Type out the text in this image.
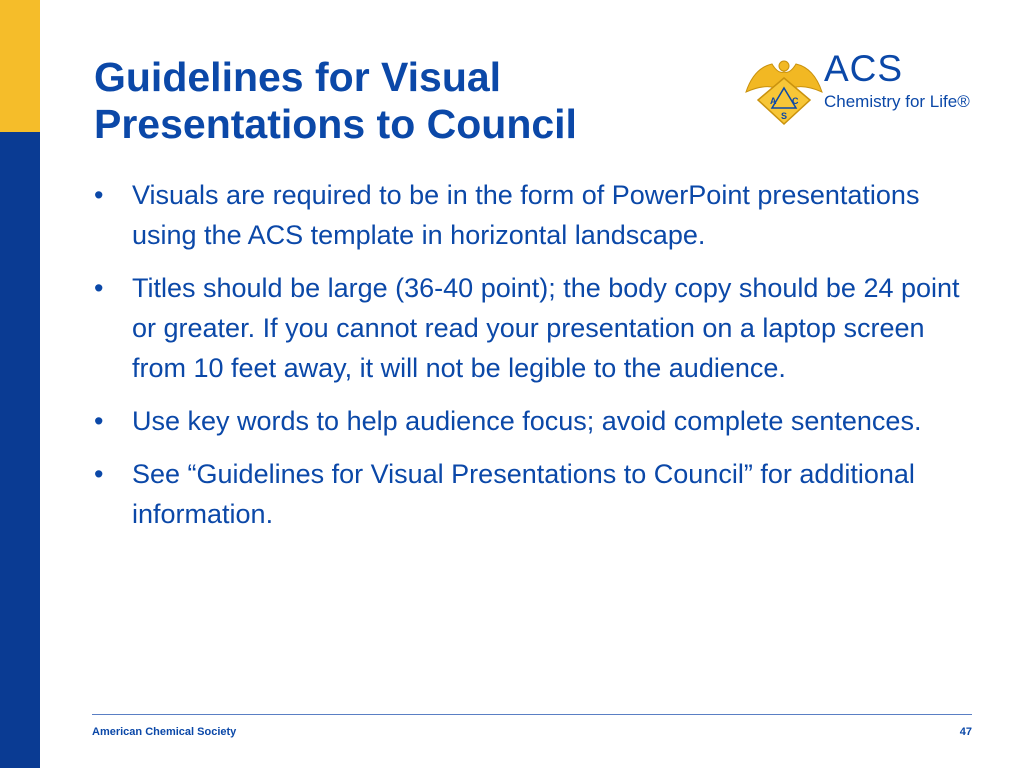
Guidelines for Visual
Presentations to Council	A C
S
ACS
Chemistry for Life®
• Visuals are required to be in the form of PowerPoint presentations using the ACS template in horizontal landscape.
• Titles should be large (36-40 point); the body copy should be 24 point or greater. If you cannot read your presentation on a laptop screen from 10 feet away, it will not be legible to the audience.
• Use key words to help audience focus; avoid complete sentences.
• See “Guidelines for Visual Presentations to Council” for additional information.
American Chemical Society	47
